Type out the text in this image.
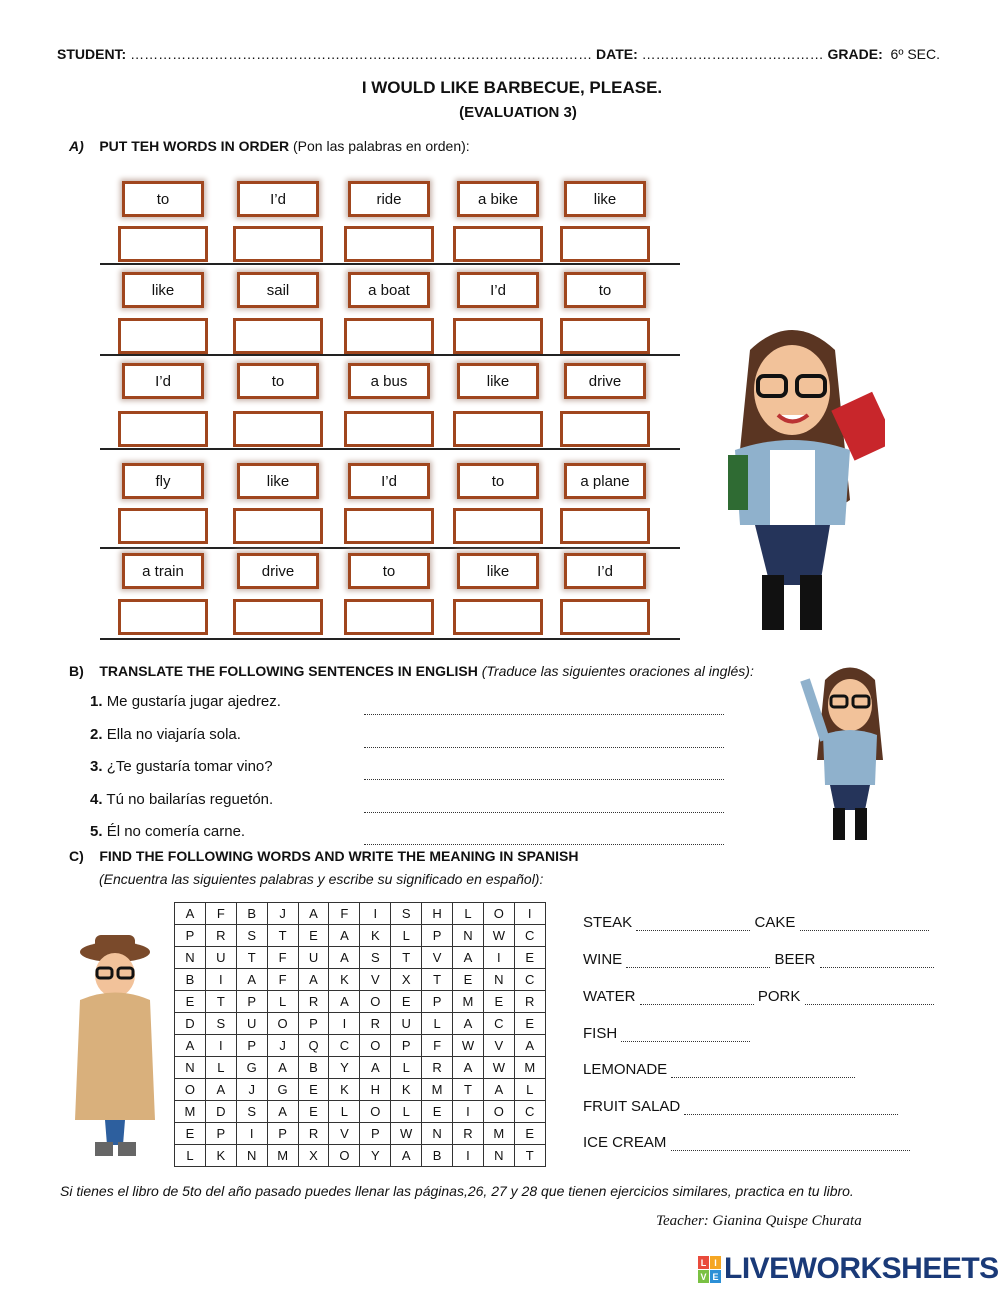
STUDENT: ……………………………………………………………………………………… DATE: ………………………………… GRADE: 6º SEC.
I WOULD LIKE BARBECUE, PLEASE.
(EVALUATION 3)
A) PUT TEH WORDS IN ORDER (Pon las palabras en orden):
to	I’d	ride	a bike	like
like	sail	a boat	I’d	to
I’d	to	a bus	like	drive
fly	like	I’d	to	a plane
a train	drive	to	like	I’d
B) TRANSLATE THE FOLLOWING SENTENCES IN ENGLISH (Traduce las siguientes oraciones al inglés):
1. Me gustaría jugar ajedrez.
2. Ella no viajaría sola.
3. ¿Te gustaría tomar vino?
4. Tú no bailarías reguetón.
5. Él no comería carne.
C) FIND THE FOLLOWING WORDS AND WRITE THE MEANING IN SPANISH
(Encuentra las siguientes palabras y escribe su significado en español):
A	F	B	J	A	F	I	S	H	L	O	I
P	R	S	T	E	A	K	L	P	N	W	C
N	U	T	F	U	A	S	T	V	A	I	E
B	I	A	F	A	K	V	X	T	E	N	C
E	T	P	L	R	A	O	E	P	M	E	R
D	S	U	O	P	I	R	U	L	A	C	E
A	I	P	J	Q	C	O	P	F	W	V	A
N	L	G	A	B	Y	A	L	R	A	W	M
O	A	J	G	E	K	H	K	M	T	A	L
M	D	S	A	E	L	O	L	E	I	O	C
E	P	I	P	R	V	P	W	N	R	M	E
L	K	N	M	X	O	Y	A	B	I	N	T
STEAK	CAKE
WINE	BEER
WATER	PORK
FISH
LEMONADE
FRUIT SALAD
ICE CREAM
Si tienes el libro de 5to del año pasado puedes llenar las páginas,26, 27 y 28 que tienen ejercicios similares, practica en tu libro.
Teacher: Gianina Quispe Churata
L I
V E LIVEWORKSHEETS
